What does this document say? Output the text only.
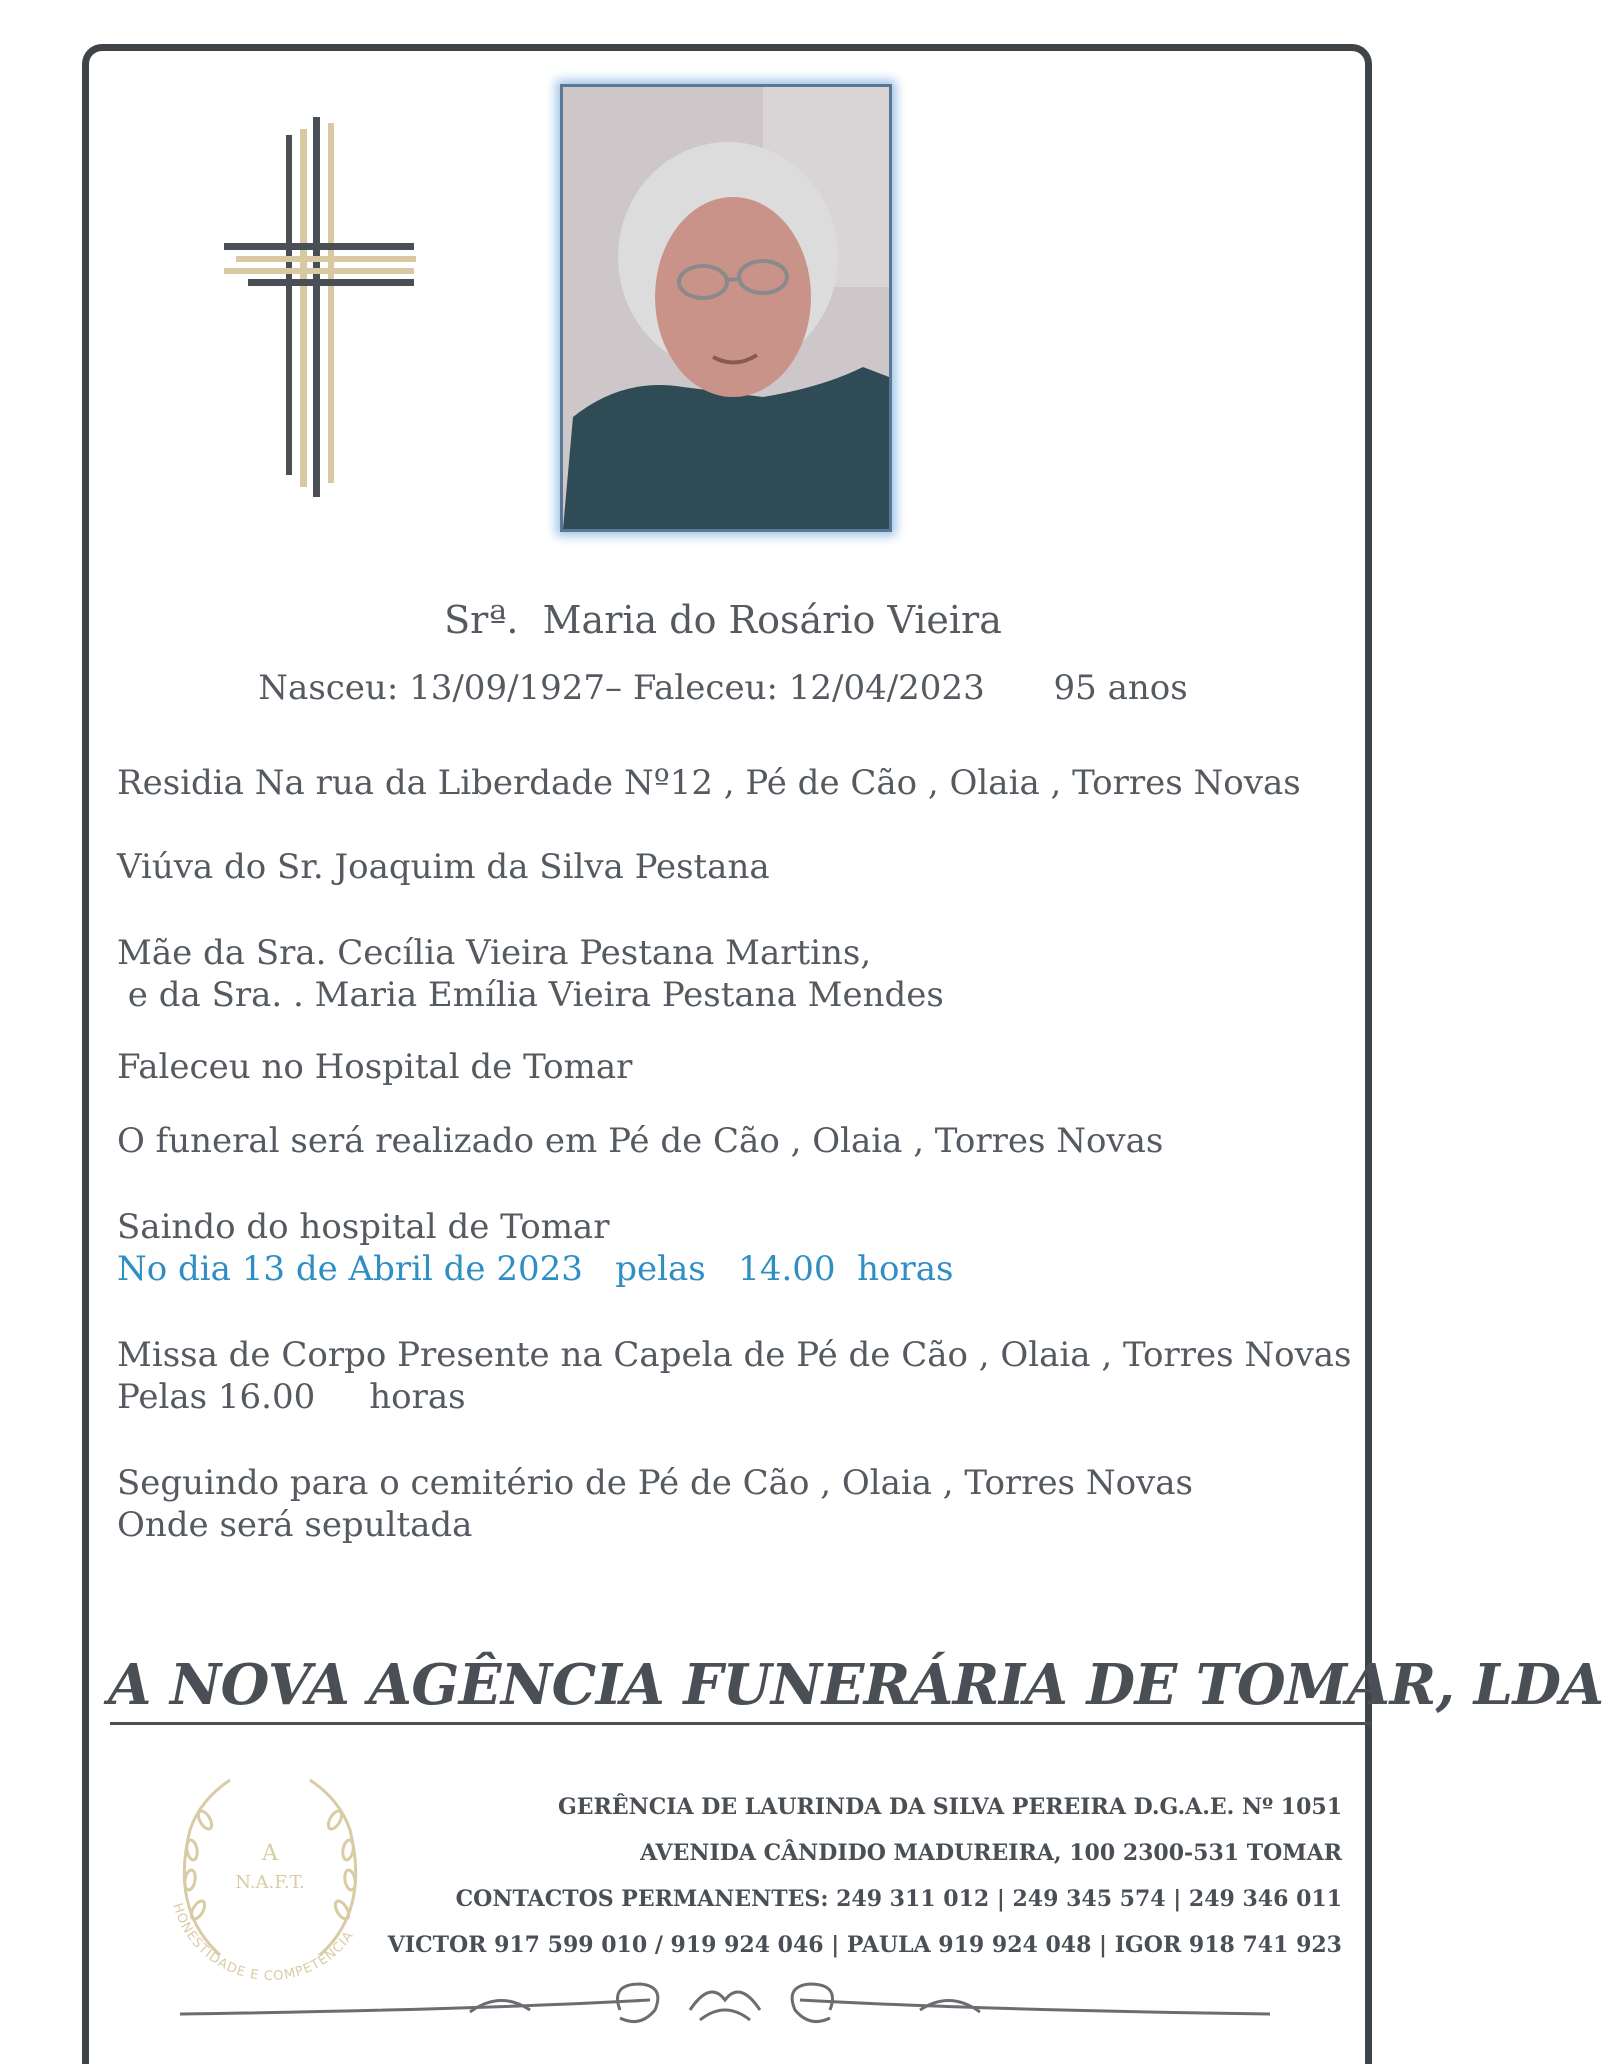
Srª. Maria do Rosário Vieira
Nasceu: 13/09/1927– Faleceu: 12/04/2023 95 anos
Residia Na rua da Liberdade Nº12 , Pé de Cão , Olaia , Torres Novas
Viúva do Sr. Joaquim da Silva Pestana
Mãe da Sra. Cecília Vieira Pestana Martins,
e da Sra. . Maria Emília Vieira Pestana Mendes
Faleceu no Hospital de Tomar
O funeral será realizado em Pé de Cão , Olaia , Torres Novas
Saindo do hospital de Tomar
No dia 13 de Abril de 2023   pelas   14.00  horas
Missa de Corpo Presente na Capela de Pé de Cão , Olaia , Torres Novas
Pelas 16.00     horas
Seguindo para o cemitério de Pé de Cão , Olaia , Torres Novas
Onde será sepultada
A NOVA AGÊNCIA FUNERÁRIA DE TOMAR, LDA
A
N.A.F.T.
HONESTIDADE E COMPETÊNCIA
GERÊNCIA DE LAURINDA DA SILVA PEREIRA D.G.A.E. Nº 1051
AVENIDA CÂNDIDO MADUREIRA, 100 2300-531 TOMAR
CONTACTOS PERMANENTES: 249 311 012 | 249 345 574 | 249 346 011
VICTOR 917 599 010 / 919 924 046 | PAULA 919 924 048 | IGOR 918 741 923
